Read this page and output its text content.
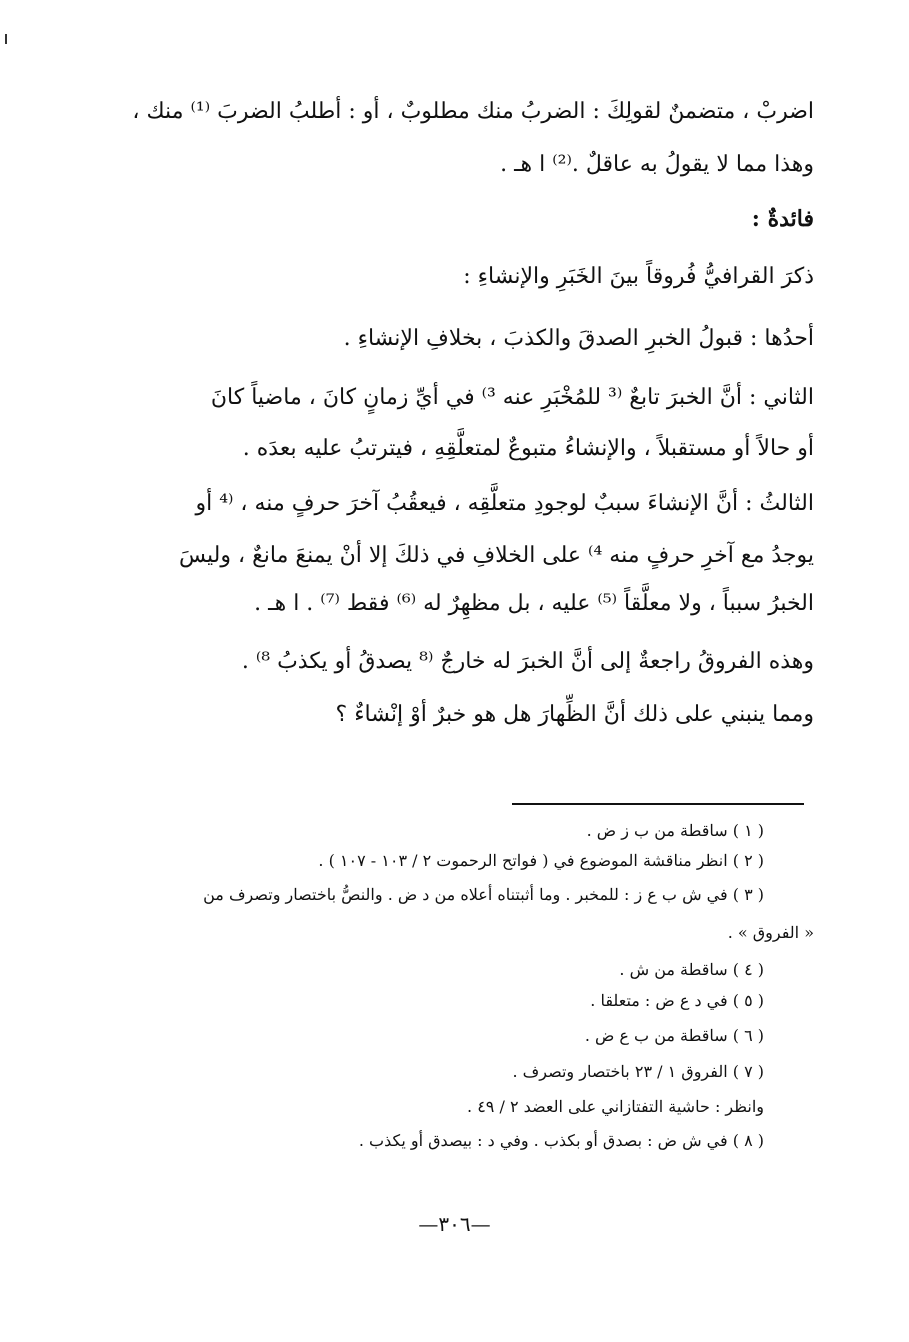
اضربْ ، متضمنٌ لقولِكَ : الضربُ منك مطلوبٌ ، أو : أطلبُ الضربَ ⁽¹⁾ منك ،
وهذا مما لا يقولُ به عاقلٌ .⁽²⁾ ا هـ .
فائدةٌ :
ذكرَ القرافيُّ فُروقاً بينَ الخَبَرِ والإنشاءِ :
أحدُها : قبولُ الخبرِ الصدقَ والكذبَ ، بخلافِ الإنشاءِ .
الثاني : أنَّ الخبرَ تابعٌ ⁽³ للمُخْبَرِ عنه ³⁾ في أيِّ زمانٍ كانَ ، ماضياً كانَ
أو حالاً أو مستقبلاً ، والإنشاءُ متبوعٌ لمتعلَّقِهِ ، فيترتبُ عليه بعدَه .
الثالثُ : أنَّ الإنشاءَ سببٌ لوجودِ متعلَّقِه ، فيعقُبُ آخرَ حرفٍ منه ، ⁽⁴ أو
يوجدُ مع آخرِ حرفٍ منه ⁴⁾ على الخلافِ في ذلكَ إلا أنْ يمنعَ مانعٌ ، وليسَ
الخبرُ سبباً ، ولا معلَّقاً ⁽⁵⁾ عليه ، بل مظهِرٌ له ⁽⁶⁾ فقط ⁽⁷⁾ . ا هـ .
وهذه الفروقُ راجعةٌ إلى أنَّ الخبرَ له خارجٌ ⁽⁸ يصدقُ أو يكذبُ ⁸⁾ .
ومما ينبني على ذلك أنَّ الظِّهارَ هل هو خبرٌ أوْ إنْشاءٌ ؟
( ١ ) ساقطة من ب ز ض .
( ٢ ) انظر مناقشة الموضوع في ( فواتح الرحموت ٢ / ١٠٣ - ١٠٧ ) .
( ٣ ) في ش ب ع ز : للمخبر . وما أثبتناه أعلاه من د ض . والنصُّ باختصار وتصرف من
« الفروق » .
( ٤ ) ساقطة من ش .
( ٥ ) في د ع ض : متعلقا .
( ٦ ) ساقطة من ب ع ض .
( ٧ ) الفروق ١ / ٢٣ باختصار وتصرف .
وانظر : حاشية التفتازاني على العضد ٢ / ٤٩ .
( ٨ ) في ش ض : بصدق أو بكذب . وفي د : بيصدق أو يكذب .
—٣٠٦—
